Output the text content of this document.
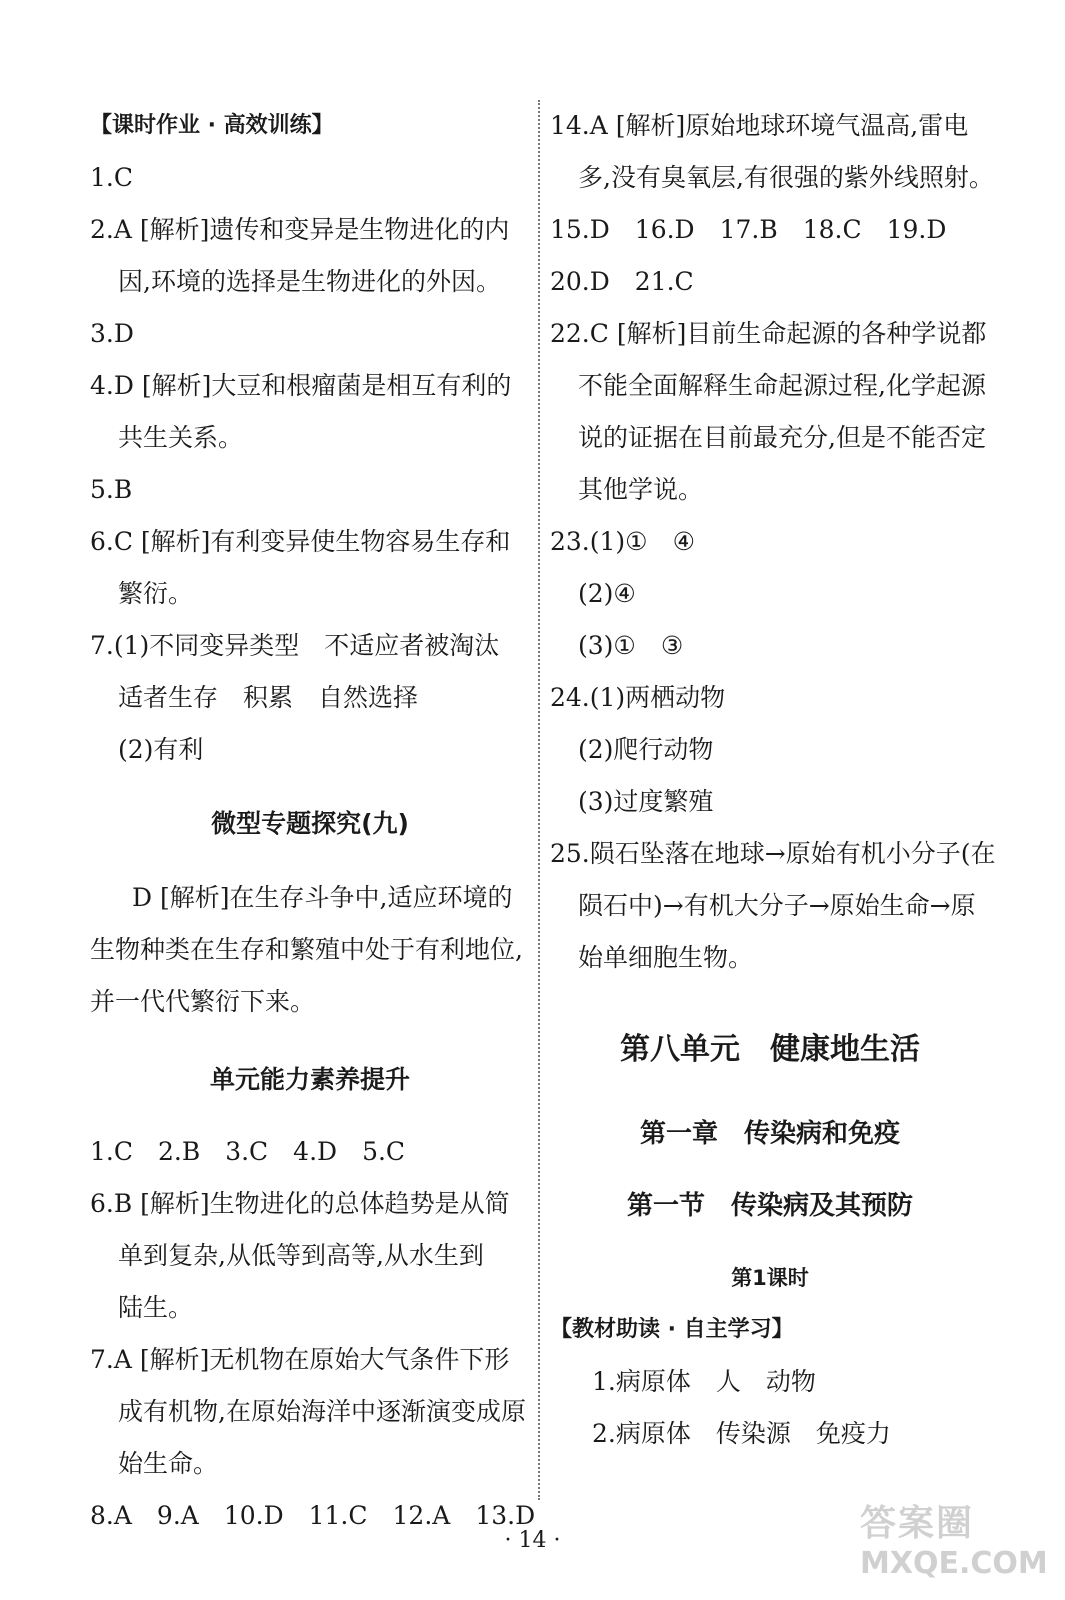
【课时作业 · 高效训练】
1.C
2.A [解析]遗传和变异是生物进化的内
因,环境的选择是生物进化的外因。
3.D
4.D [解析]大豆和根瘤菌是相互有利的
共生关系。
5.B
6.C [解析]有利变异使生物容易生存和
繁衍。
7.(1)不同变异类型　不适应者被淘汰
适者生存　积累　自然选择
(2)有利
微型专题探究(九)
D [解析]在生存斗争中,适应环境的
生物种类在生存和繁殖中处于有利地位,
并一代代繁衍下来。
单元能力素养提升
1.C　2.B　3.C　4.D　5.C
6.B [解析]生物进化的总体趋势是从简
单到复杂,从低等到高等,从水生到
陆生。
7.A [解析]无机物在原始大气条件下形
成有机物,在原始海洋中逐渐演变成原
始生命。
8.A　9.A　10.D　11.C　12.A　13.D
14.A [解析]原始地球环境气温高,雷电
多,没有臭氧层,有很强的紫外线照射。
15.D　16.D　17.B　18.C　19.D
20.D　21.C
22.C [解析]目前生命起源的各种学说都
不能全面解释生命起源过程,化学起源
说的证据在目前最充分,但是不能否定
其他学说。
23.(1)①　④
(2)④
(3)①　③
24.(1)两栖动物
(2)爬行动物
(3)过度繁殖
25.陨石坠落在地球→原始有机小分子(在
陨石中)→有机大分子→原始生命→原
始单细胞生物。
第八单元　健康地生活
第一章　传染病和免疫
第一节　传染病及其预防
第1课时
【教材助读 · 自主学习】
1.病原体　人　动物
2.病原体　传染源　免疫力
· 14 ·	答案圈
MXQE.COM
